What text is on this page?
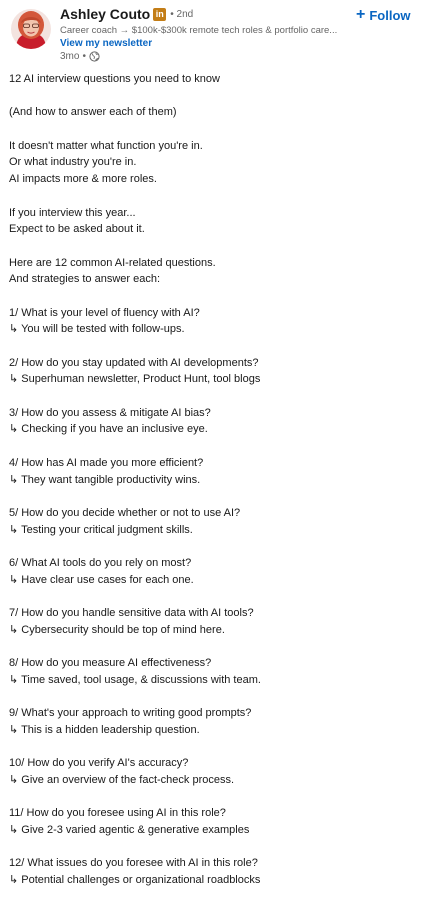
Ashley Couto in • 2nd
Career coach → $100k-$300k remote tech roles & portfolio care...
View my newsletter
3mo •
+ Follow
12 AI interview questions you need to know
(And how to answer each of them)
It doesn't matter what function you're in.
Or what industry you're in.
AI impacts more & more roles.
If you interview this year...
Expect to be asked about it.
Here are 12 common AI-related questions.
And strategies to answer each:
1/ What is your level of fluency with AI?
↳ You will be tested with follow-ups.
2/ How do you stay updated with AI developments?
↳ Superhuman newsletter, Product Hunt, tool blogs
3/ How do you assess & mitigate AI bias?
↳ Checking if you have an inclusive eye.
4/ How has AI made you more efficient?
↳ They want tangible productivity wins.
5/ How do you decide whether or not to use AI?
↳ Testing your critical judgment skills.
6/ What AI tools do you rely on most?
↳ Have clear use cases for each one.
7/ How do you handle sensitive data with AI tools?
↳ Cybersecurity should be top of mind here.
8/ How do you measure AI effectiveness?
↳ Time saved, tool usage, & discussions with team.
9/ What's your approach to writing good prompts?
↳ This is a hidden leadership question.
10/ How do you verify AI's accuracy?
↳ Give an overview of the fact-check process.
11/ How do you foresee using AI in this role?
↳ Give 2-3 varied agentic & generative examples
12/ What issues do you foresee with AI in this role?
↳ Potential challenges or organizational roadblocks
